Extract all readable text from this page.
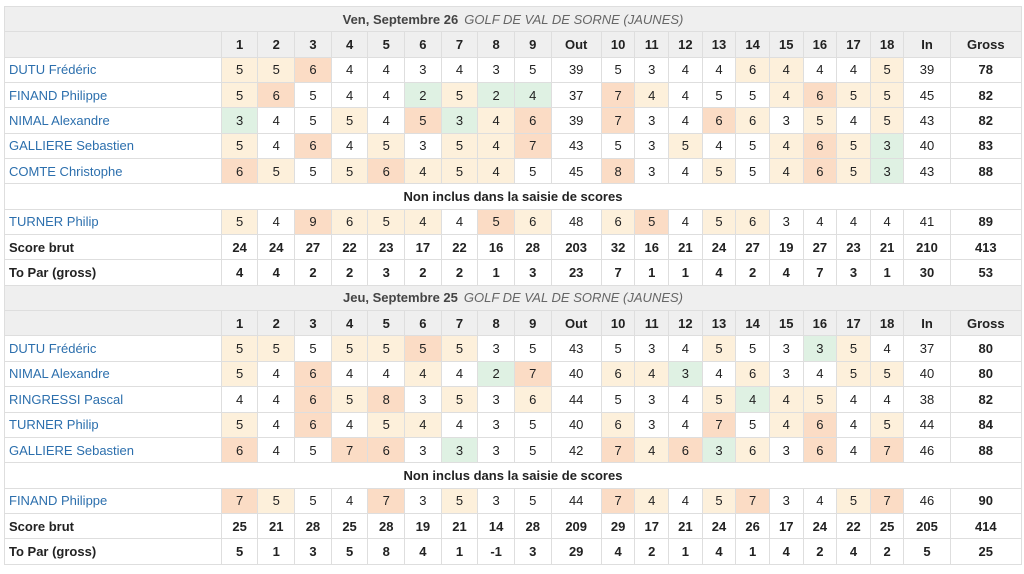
Ven, Septembre 26 GOLF DE VAL DE SORNE (JAUNES)																					
	1	2	3	4	5	6	7	8	9	Out	10	11	12	13	14	15	16	17	18	In	Gross
DUTU Frédéric	5	5	6	4	4	3	4	3	5	39	5	3	4	4	6	4	4	4	5	39	78
FINAND Philippe	5	6	5	4	4	2	5	2	4	37	7	4	4	5	5	4	6	5	5	45	82
NIMAL Alexandre	3	4	5	5	4	5	3	4	6	39	7	3	4	6	6	3	5	4	5	43	82
GALLIERE Sebastien	5	4	6	4	5	3	5	4	7	43	5	3	5	4	5	4	6	5	3	40	83
COMTE Christophe	6	5	5	5	6	4	5	4	5	45	8	3	4	5	5	4	6	5	3	43	88
Non inclus dans la saisie de scores																					
TURNER Philip	5	4	9	6	5	4	4	5	6	48	6	5	4	5	6	3	4	4	4	41	89
Score brut	24	24	27	22	23	17	22	16	28	203	32	16	21	24	27	19	27	23	21	210	413
To Par (gross)	4	4	2	2	3	2	2	1	3	23	7	1	1	4	2	4	7	3	1	30	53
Jeu, Septembre 25 GOLF DE VAL DE SORNE (JAUNES)																					
	1	2	3	4	5	6	7	8	9	Out	10	11	12	13	14	15	16	17	18	In	Gross
DUTU Frédéric	5	5	5	5	5	5	5	3	5	43	5	3	4	5	5	3	3	5	4	37	80
NIMAL Alexandre	5	4	6	4	4	4	4	2	7	40	6	4	3	4	6	3	4	5	5	40	80
RINGRESSI Pascal	4	4	6	5	8	3	5	3	6	44	5	3	4	5	4	4	5	4	4	38	82
TURNER Philip	5	4	6	4	5	4	4	3	5	40	6	3	4	7	5	4	6	4	5	44	84
GALLIERE Sebastien	6	4	5	7	6	3	3	3	5	42	7	4	6	3	6	3	6	4	7	46	88
Non inclus dans la saisie de scores																					
FINAND Philippe	7	5	5	4	7	3	5	3	5	44	7	4	4	5	7	3	4	5	7	46	90
Score brut	25	21	28	25	28	19	21	14	28	209	29	17	21	24	26	17	24	22	25	205	414
To Par (gross)	5	1	3	5	8	4	1	-1	3	29	4	2	1	4	1	4	2	4	2	5	25
